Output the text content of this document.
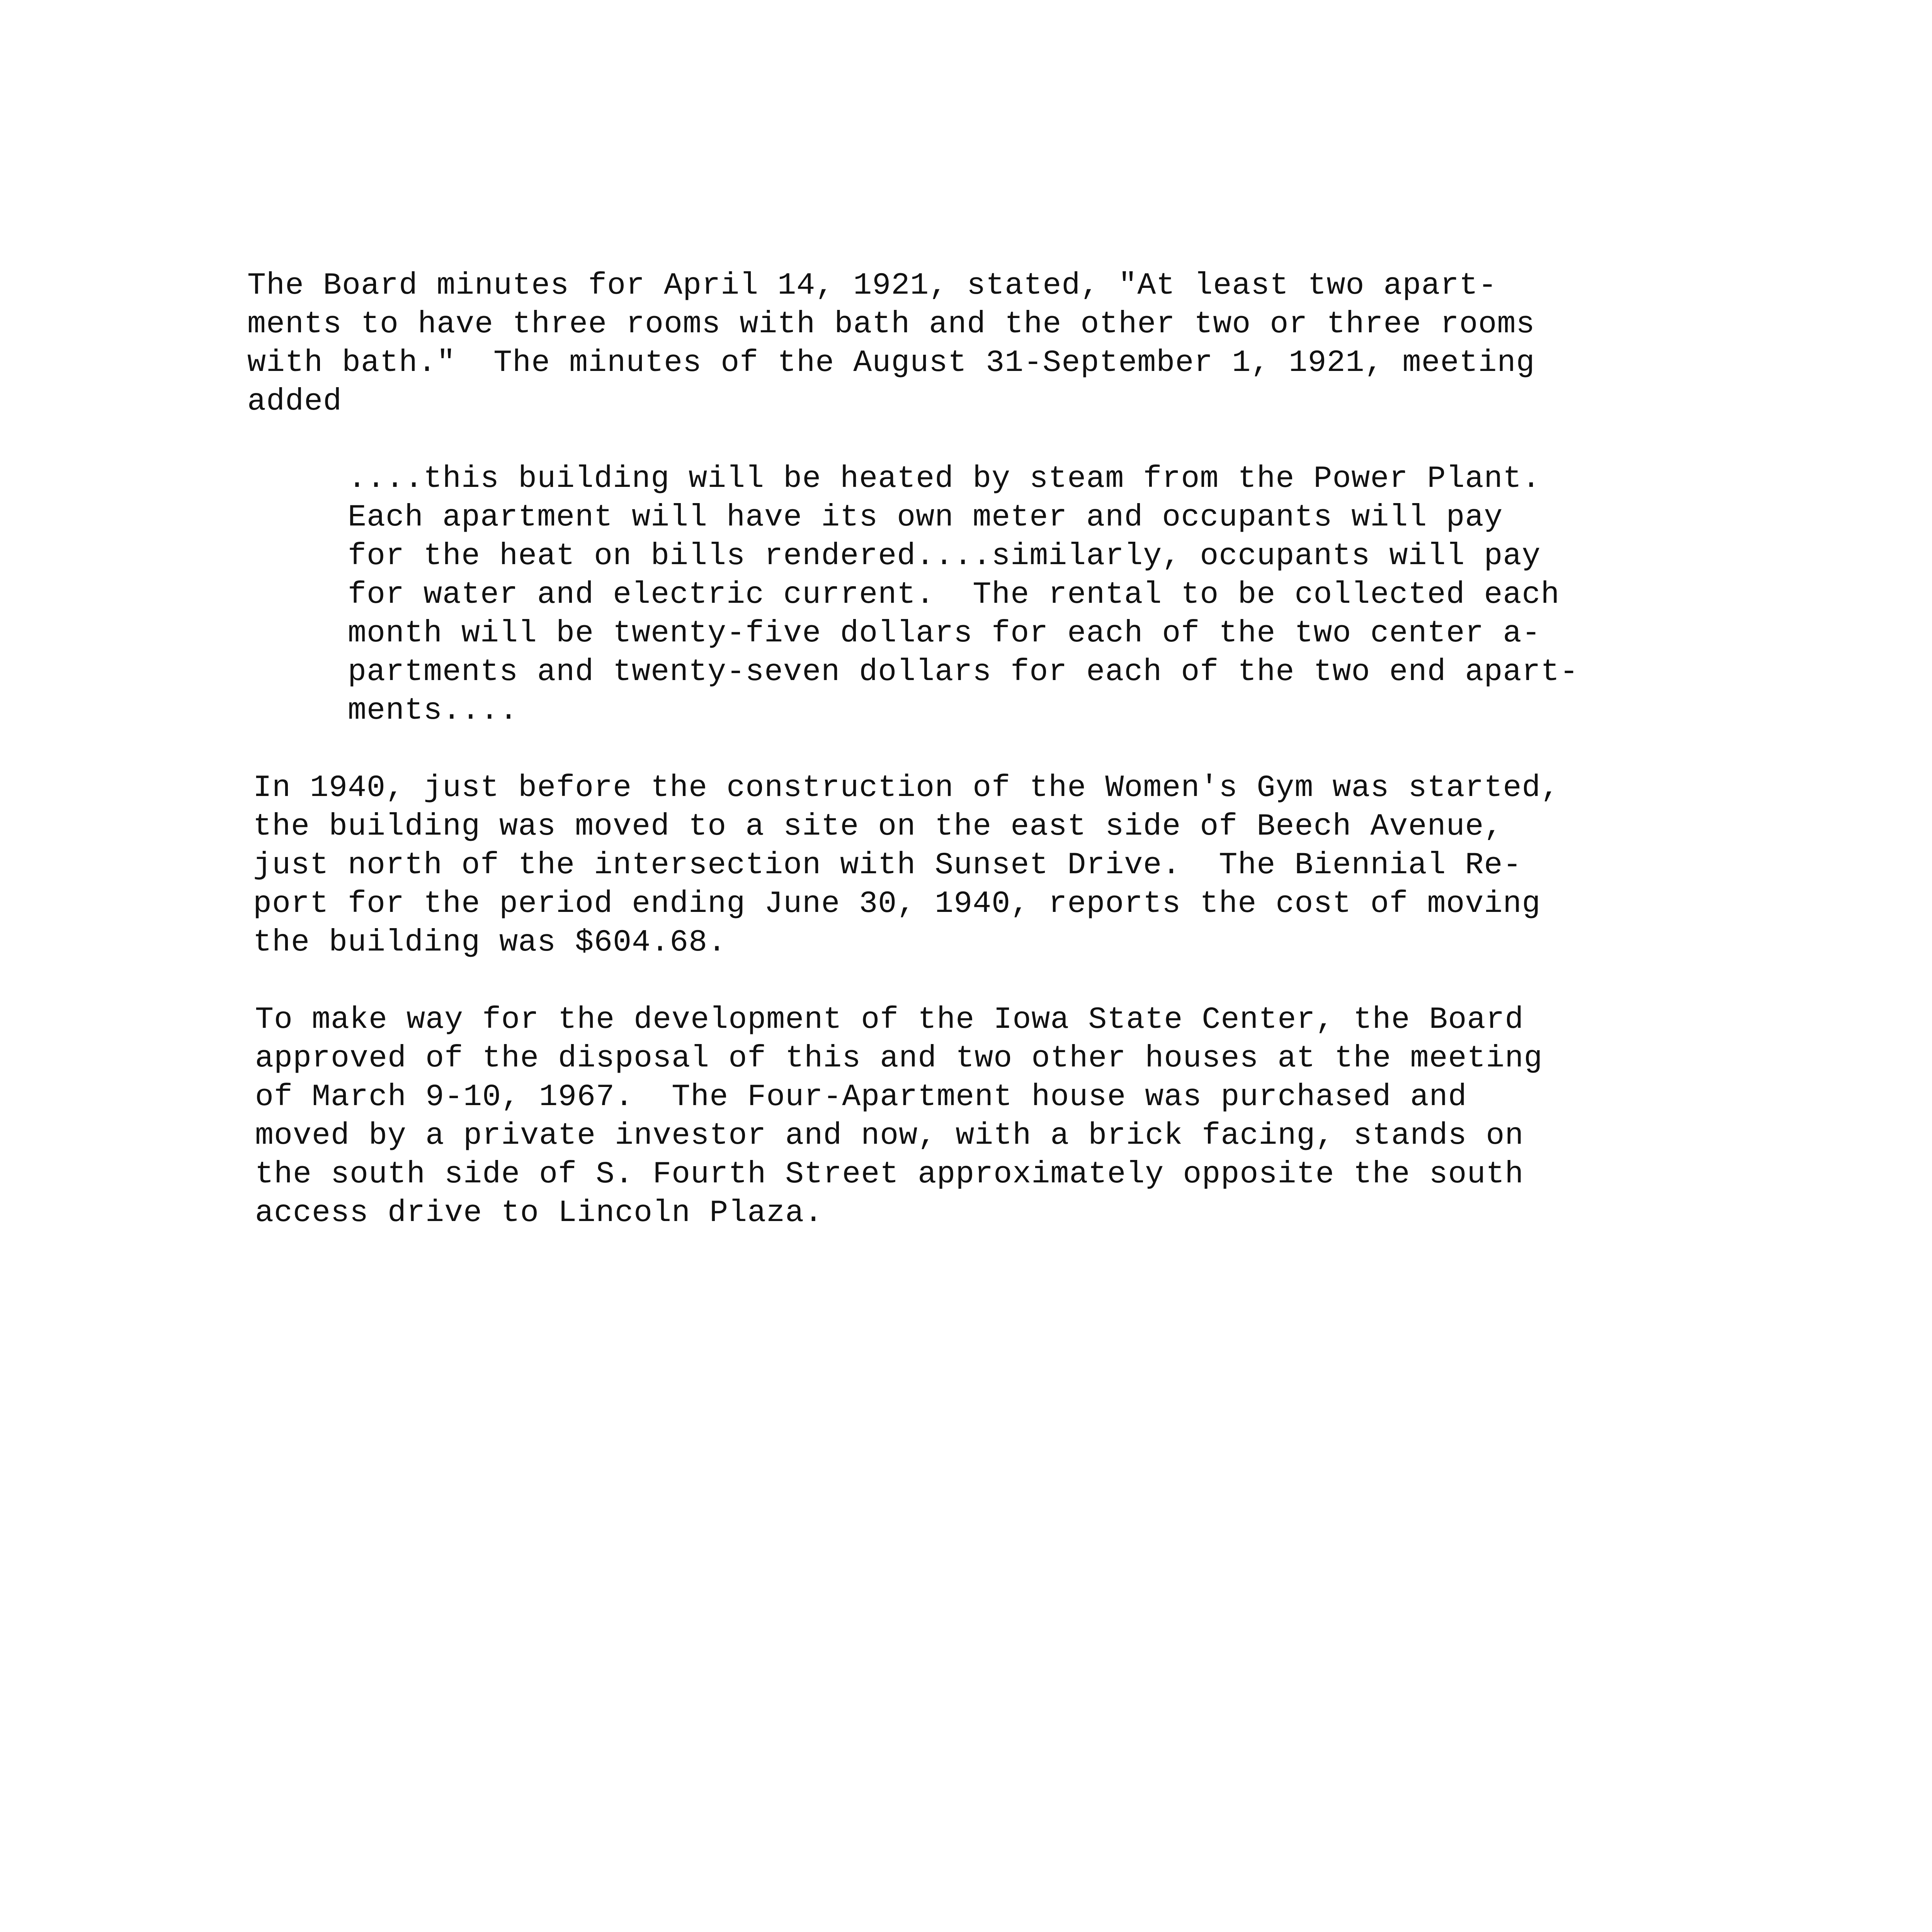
The Board minutes for April 14, 1921, stated, "At least two apart-
ments to have three rooms with bath and the other two or three rooms
with bath."  The minutes of the August 31-September 1, 1921, meeting
added
....this building will be heated by steam from the Power Plant.
Each apartment will have its own meter and occupants will pay
for the heat on bills rendered....similarly, occupants will pay
for water and electric current.  The rental to be collected each
month will be twenty-five dollars for each of the two center a-
partments and twenty-seven dollars for each of the two end apart-
ments....
In 1940, just before the construction of the Women's Gym was started,
the building was moved to a site on the east side of Beech Avenue,
just north of the intersection with Sunset Drive.  The Biennial Re-
port for the period ending June 30, 1940, reports the cost of moving
the building was $604.68.
To make way for the development of the Iowa State Center, the Board
approved of the disposal of this and two other houses at the meeting
of March 9-10, 1967.  The Four-Apartment house was purchased and
moved by a private investor and now, with a brick facing, stands on
the south side of S. Fourth Street approximately opposite the south
access drive to Lincoln Plaza.
